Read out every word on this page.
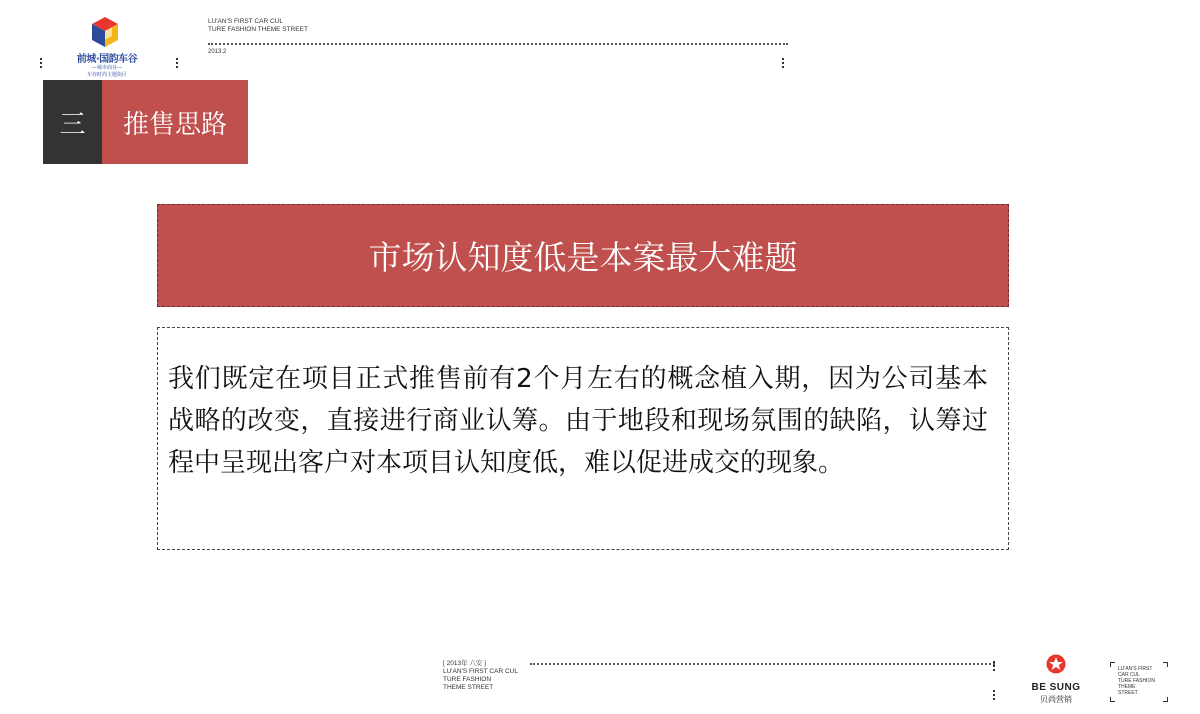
前城·国韵车谷
—城市商业—
车谷时尚主题街区
LU'AN'S FIRST CAR CUL
TURE FASHION THEME STREET
2013.2
三	推售思路
市场认知度低是本案最大难题

我们既定在项目正式推售前有2个月左右的概念植入期，因为公司基本战略的改变，直接进行商业认筹。由于地段和现场氛围的缺陷，认筹过程中呈现出客户对本项目认知度低，难以促进成交的现象。

[ 2013年 六安 ]
LU'AN'S FIRST CAR CUL
TURE FASHION
THEME STREET	BE SUNG
贝尚营销
LU'AN'S FIRST
CAR CUL
TURE FASHION
THEME
STREET
